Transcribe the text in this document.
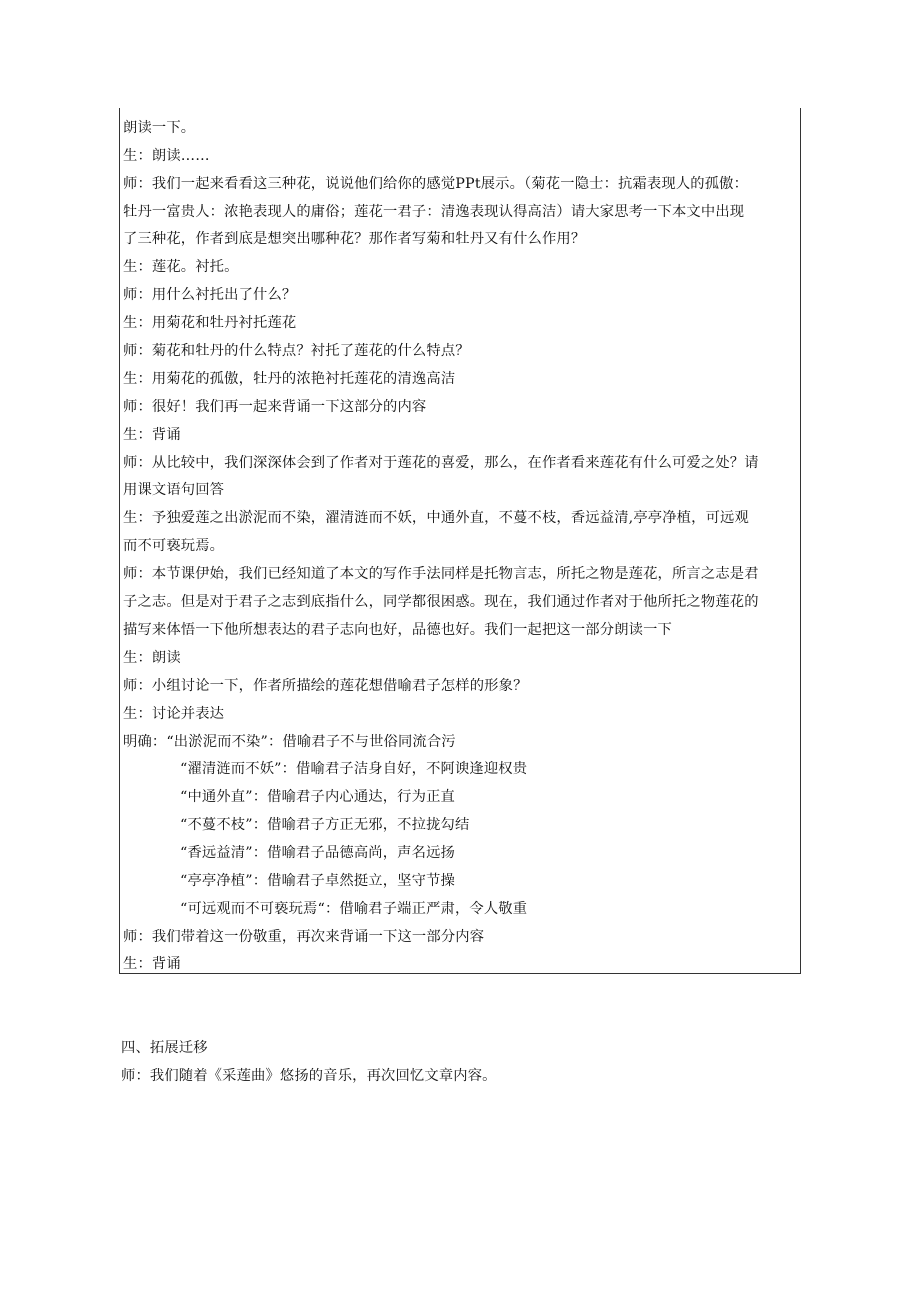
朗读一下。
生：朗读……
师：我们一起来看看这三种花，说说他们给你的感觉PPt展示。（菊花一隐士：抗霜表现人的孤傲：
牡丹一富贵人：浓艳表现人的庸俗；莲花一君子：清逸表现认得高洁）请大家思考一下本文中出现
了三种花，作者到底是想突出哪种花？那作者写菊和牡丹又有什么作用？
生：莲花。衬托。
师：用什么衬托出了什么？
生：用菊花和牡丹衬托莲花
师：菊花和牡丹的什么特点？衬托了莲花的什么特点？
生：用菊花的孤傲，牡丹的浓艳衬托莲花的清逸高洁
师：很好！我们再一起来背诵一下这部分的内容
生：背诵
师：从比较中，我们深深体会到了作者对于莲花的喜爱，那么，在作者看来莲花有什么可爱之处？请
用课文语句回答
生：予独爱莲之出淤泥而不染，濯清涟而不妖，中通外直，不蔓不枝，香远益清,亭亭净植，可远观
而不可亵玩焉。
师：本节课伊始，我们已经知道了本文的写作手法同样是托物言志，所托之物是莲花，所言之志是君
子之志。但是对于君子之志到底指什么，同学都很困惑。现在，我们通过作者对于他所托之物莲花的
描写来体悟一下他所想表达的君子志向也好，品德也好。我们一起把这一部分朗读一下
生：朗读
师：小组讨论一下，作者所描绘的莲花想借喻君子怎样的形象？
生：讨论并表达
明确：“出淤泥而不染”：借喻君子不与世俗同流合污
“濯清涟而不妖”：借喻君子洁身自好，不阿谀逢迎权贵
“中通外直”：借喻君子内心通达，行为正直
“不蔓不枝”：借喻君子方正无邪，不拉拢勾结
“香远益清”：借喻君子品德高尚，声名远扬
“亭亭净植”：借喻君子卓然挺立，坚守节操
“可远观而不可亵玩焉“：借喻君子端正严肃，令人敬重
师：我们带着这一份敬重，再次来背诵一下这一部分内容
生：背诵
四、拓展迁移
师：我们随着《采莲曲》悠扬的音乐，再次回忆文章内容。
